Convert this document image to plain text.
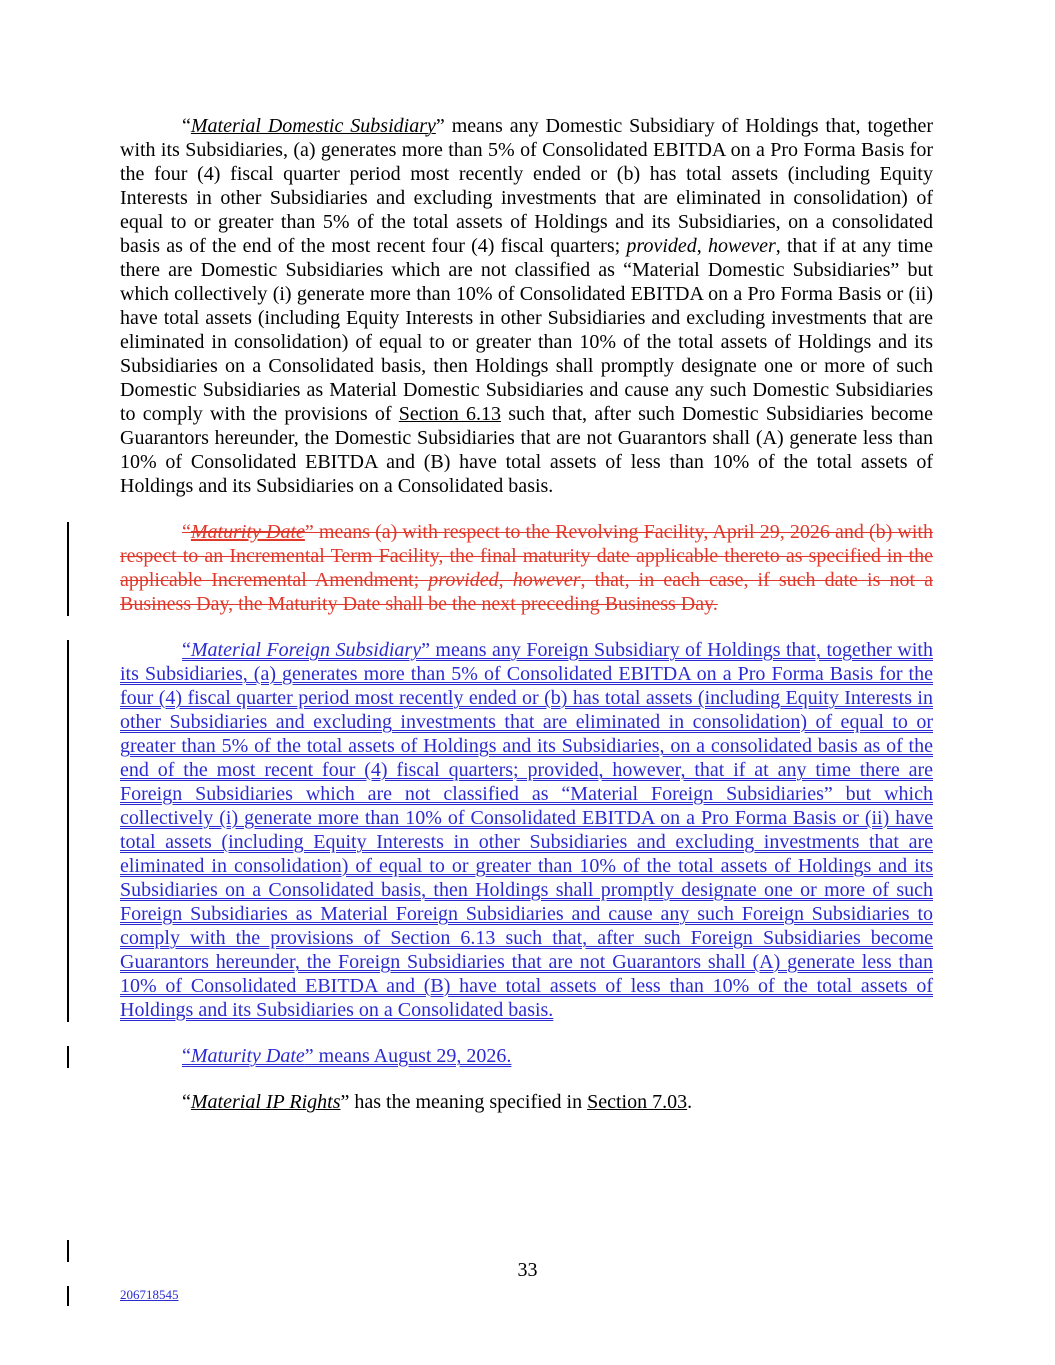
“Material Domestic Subsidiary” means any Domestic Subsidiary of Holdings that, together with its Subsidiaries, (a) generates more than 5% of Consolidated EBITDA on a Pro Forma Basis for the four (4) fiscal quarter period most recently ended or (b) has total assets (including Equity Interests in other Subsidiaries and excluding investments that are eliminated in consolidation) of equal to or greater than 5% of the total assets of Holdings and its Subsidiaries, on a consolidated basis as of the end of the most recent four (4) fiscal quarters; provided, however, that if at any time there are Domestic Subsidiaries which are not classified as “Material Domestic Subsidiaries” but which collectively (i) generate more than 10% of Consolidated EBITDA on a Pro Forma Basis or (ii) have total assets (including Equity Interests in other Subsidiaries and excluding investments that are eliminated in consolidation) of equal to or greater than 10% of the total assets of Holdings and its Subsidiaries on a Consolidated basis, then Holdings shall promptly designate one or more of such Domestic Subsidiaries as Material Domestic Subsidiaries and cause any such Domestic Subsidiaries to comply with the provisions of Section 6.13 such that, after such Domestic Subsidiaries become Guarantors hereunder, the Domestic Subsidiaries that are not Guarantors shall (A) generate less than 10% of Consolidated EBITDA and (B) have total assets of less than 10% of the total assets of Holdings and its Subsidiaries on a Consolidated basis.

“Maturity Date” means (a) with respect to the Revolving Facility, April 29, 2026 and (b) with respect to an Incremental Term Facility, the final maturity date applicable thereto as specified in the applicable Incremental Amendment; provided, however, that, in each case, if such date is not a Business Day, the Maturity Date shall be the next preceding Business Day.

“Material Foreign Subsidiary” means any Foreign Subsidiary of Holdings that, together with its Subsidiaries, (a) generates more than 5% of Consolidated EBITDA on a Pro Forma Basis for the four (4) fiscal quarter period most recently ended or (b) has total assets (including Equity Interests in other Subsidiaries and excluding investments that are eliminated in consolidation) of equal to or greater than 5% of the total assets of Holdings and its Subsidiaries, on a consolidated basis as of the end of the most recent four (4) fiscal quarters; provided, however, that if at any time there are Foreign Subsidiaries which are not classified as “Material Foreign Subsidiaries” but which collectively (i) generate more than 10% of Consolidated EBITDA on a Pro Forma Basis or (ii) have total assets (including Equity Interests in other Subsidiaries and excluding investments that are eliminated in consolidation) of equal to or greater than 10% of the total assets of Holdings and its Subsidiaries on a Consolidated basis, then Holdings shall promptly designate one or more of such Foreign Subsidiaries as Material Foreign Subsidiaries and cause any such Foreign Subsidiaries to comply with the provisions of Section 6.13 such that, after such Foreign Subsidiaries become Guarantors hereunder, the Foreign Subsidiaries that are not Guarantors shall (A) generate less than 10% of Consolidated EBITDA and (B) have total assets of less than 10% of the total assets of Holdings and its Subsidiaries on a Consolidated basis.

“Maturity Date” means August 29, 2026.

“Material IP Rights” has the meaning specified in Section 7.03.

33
206718545
